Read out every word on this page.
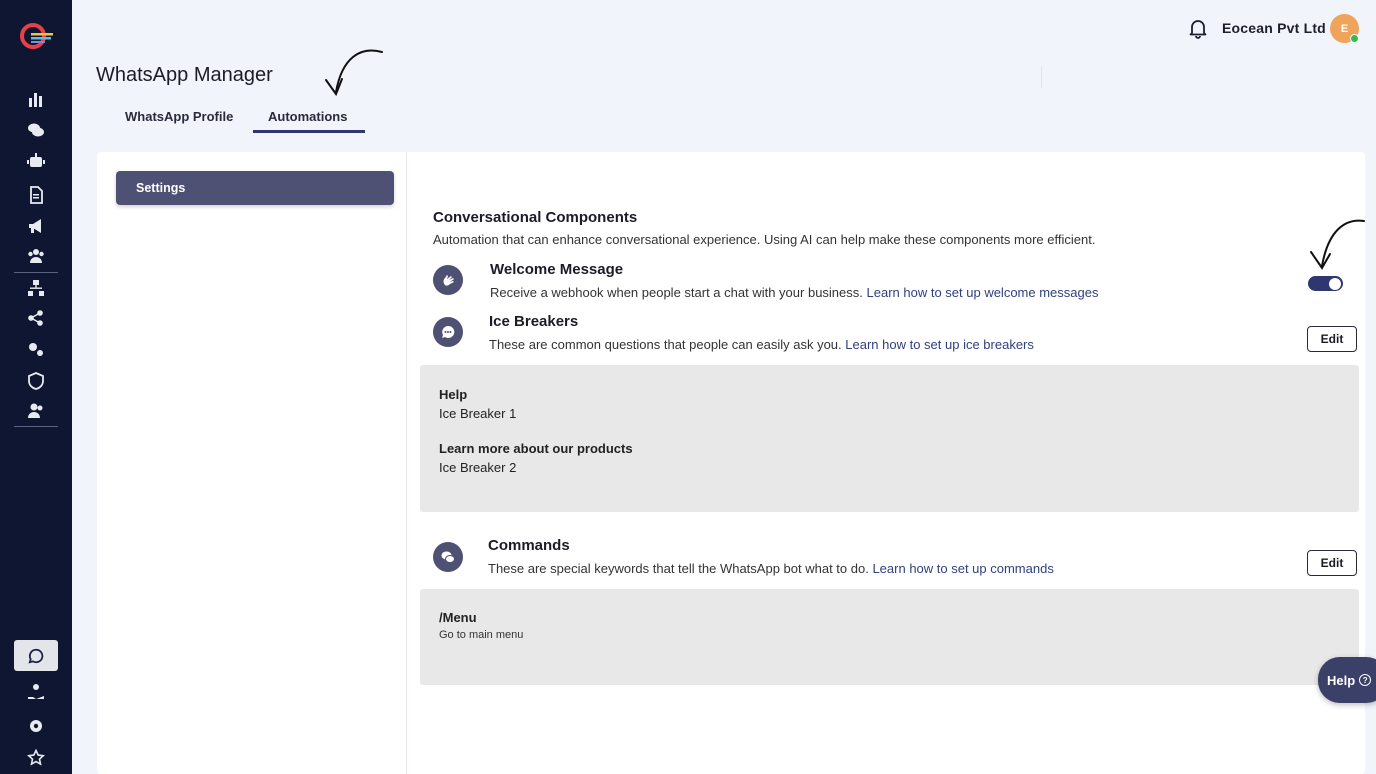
Eocean Pvt Ltd E
WhatsApp Manager
WhatsApp Profile	Automations
Settings
Conversational Components
Automation that can enhance conversational experience. Using AI can help make these components more efficient.
Welcome Message
Receive a webhook when people start a chat with your business. Learn how to set up welcome messages
Ice Breakers
These are common questions that people can easily ask you. Learn how to set up ice breakers	Edit
Help
Ice Breaker 1
Learn more about our products
Ice Breaker 2
Commands
These are special keywords that tell the WhatsApp bot what to do. Learn how to set up commands	Edit
/Menu
Go to main menu
Help ?
